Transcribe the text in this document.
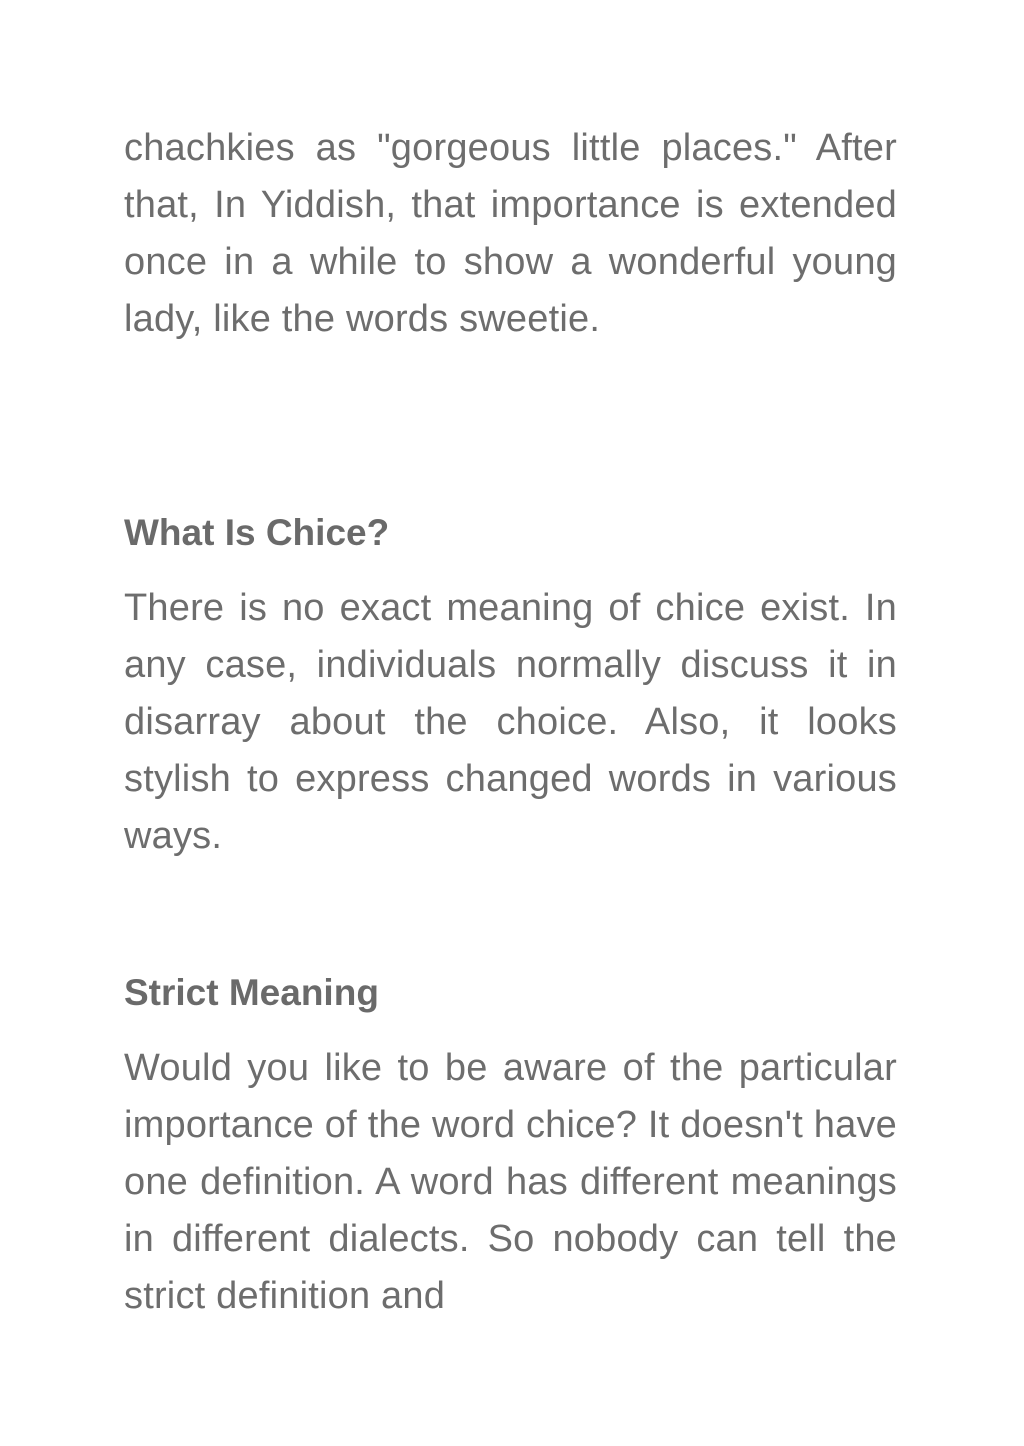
chachkies as "gorgeous little places." After that, In Yiddish, that importance is extended once in a while to show a wonderful young lady, like the words sweetie.

What Is Chice?

There is no exact meaning of chice exist. In any case, individuals normally discuss it in disarray about the choice. Also, it looks stylish to express changed words in various ways.

Strict Meaning

Would you like to be aware of the particular importance of the word chice? It doesn't have one definition. A word has different meanings in different dialects. So nobody can tell the strict definition and
